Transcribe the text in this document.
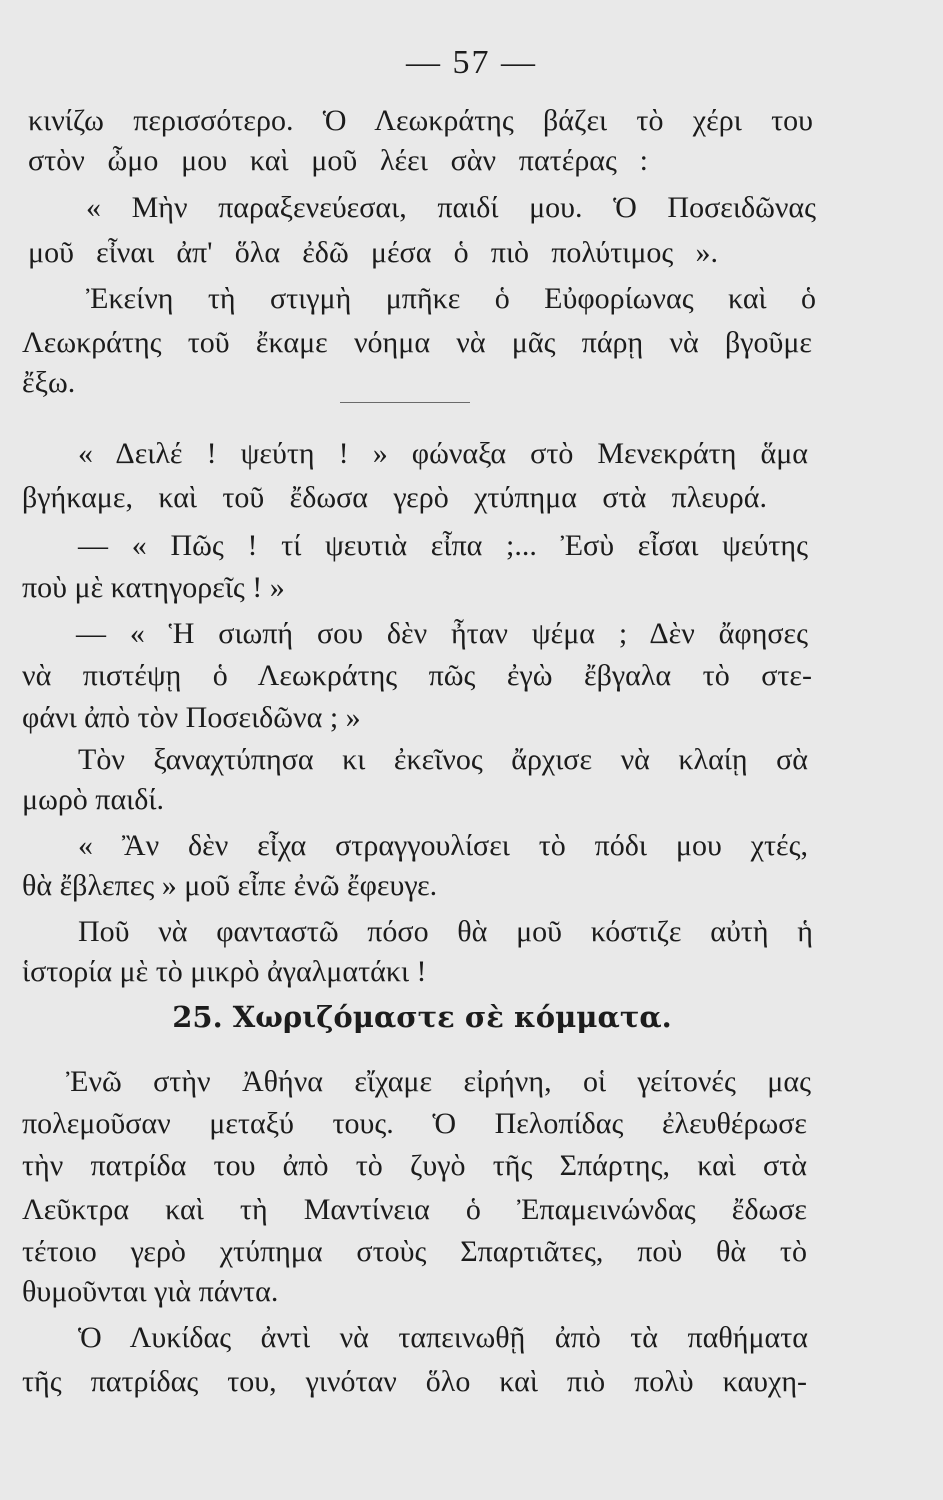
— 57 —
κινίζω περισσότερο. Ὁ Λεωκράτης βάζει τὸ χέρι του
στὸν ὦμο μου καὶ μοῦ λέει σὰν πατέρας :
« Μὴν παραξενεύεσαι, παιδί μου. Ὁ Ποσειδῶνας
μοῦ εἶναι ἀπ' ὅλα ἐδῶ μέσα ὁ πιὸ πολύτιμος ».
Ἐκείνη τὴ στιγμὴ μπῆκε ὁ Εὐφορίωνας καὶ ὁ
Λεωκράτης τοῦ ἔκαμε νόημα νὰ μᾶς πάρῃ νὰ βγοῦμε
ἔξω.
« Δειλέ ! ψεύτη ! » φώναξα στὸ Μενεκράτη ἅμα
βγήκαμε, καὶ τοῦ ἔδωσα γερὸ χτύπημα στὰ πλευρά.
— « Πῶς ! τί ψευτιὰ εἶπα ;... Ἐσὺ εἶσαι ψεύτης
ποὺ μὲ κατηγορεῖς ! »
— « Ἡ σιωπή σου δὲν ἦταν ψέμα ; Δὲν ἄφησες
νὰ πιστέψῃ ὁ Λεωκράτης πῶς ἐγὼ ἔβγαλα τὸ στε-
φάνι ἀπὸ τὸν Ποσειδῶνα ; »
Τὸν ξαναχτύπησα κι ἐκεῖνος ἄρχισε νὰ κλαίῃ σὰ
μωρὸ παιδί.
« Ἂν δὲν εἶχα στραγγουλίσει τὸ πόδι μου χτές,
θὰ ἔβλεπες » μοῦ εἶπε ἐνῶ ἔφευγε.
Ποῦ νὰ φανταστῶ πόσο θὰ μοῦ κόστιζε αὐτὴ ἡ
ἱστορία μὲ τὸ μικρὸ ἀγαλματάκι !
25. Χωριζόμαστε σὲ κόμματα.
Ἐνῶ στὴν Ἀθήνα εἴχαμε εἰρήνη, οἱ γείτονές μας
πολεμοῦσαν μεταξύ τους. Ὁ Πελοπίδας ἐλευθέρωσε
τὴν πατρίδα του ἀπὸ τὸ ζυγὸ τῆς Σπάρτης, καὶ στὰ
Λεῦκτρα καὶ τὴ Μαντίνεια ὁ Ἐπαμεινώνδας ἔδωσε
τέτοιο γερὸ χτύπημα στοὺς Σπαρτιᾶτες, ποὺ θὰ τὸ
θυμοῦνται γιὰ πάντα.
Ὁ Λυκίδας ἀντὶ νὰ ταπεινωθῇ ἀπὸ τὰ παθήματα
τῆς πατρίδας του, γινόταν ὅλο καὶ πιὸ πολὺ καυχη-
